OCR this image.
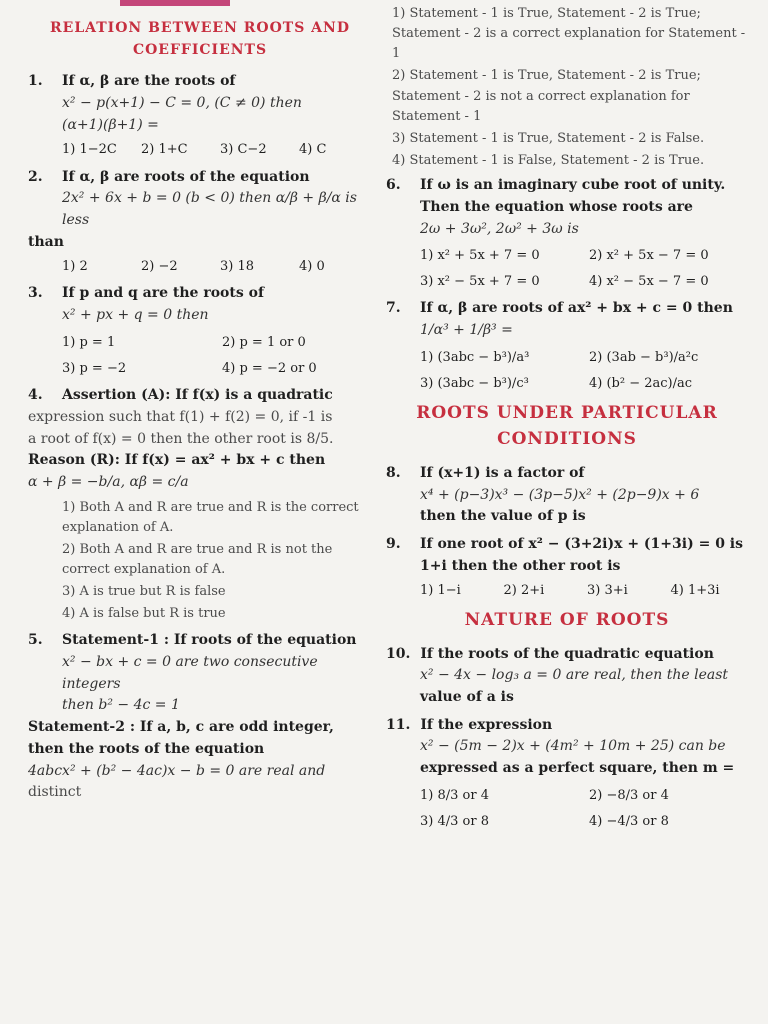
RELATION BETWEEN ROOTS AND COEFFICIENTS
1.	If α, β are the roots of
x² − p(x+1) − C = 0, (C ≠ 0) then
(α+1)(β+1) =
1) 1−2C	2) 1+C	3) C−2	4) C
2.	If α, β are roots of the equation
2x² + 6x + b = 0 (b < 0) then α/β + β/α is less
than
1) 2	2) −2	3) 18	4) 0
3.	If p and q are the roots of
x² + px + q = 0 then
1) p = 1	2) p = 1 or 0
3) p = −2	4) p = −2 or 0
4.	Assertion (A): If f(x) is a quadratic
expression such that f(1) + f(2) = 0, if -1 is
a root of f(x) = 0 then the other root is 8/5.
Reason (R): If f(x) = ax² + bx + c then
α + β = −b/a, αβ = c/a
1) Both A and R are true and R is the correct explanation of A.
2) Both A and R are true and R is not the correct explanation of A.
3) A is true but R is false
4) A is false but R is true
5.	Statement-1 : If roots of the equation
x² − bx + c = 0 are two consecutive integers
then b² − 4c = 1
Statement-2 : If a, b, c are odd integer, then the roots of the equation
4abcx² + (b² − 4ac)x − b = 0 are real and
distinct
1) Statement - 1 is True, Statement - 2 is True; Statement - 2 is a correct explanation for Statement - 1
2) Statement - 1 is True, Statement - 2 is True; Statement - 2 is not a correct explanation for Statement - 1
3) Statement - 1 is True, Statement - 2 is False.
4) Statement - 1 is False, Statement - 2 is True.
6.	If ω is an imaginary cube root of unity. Then the equation whose roots are
2ω + 3ω², 2ω² + 3ω is
1) x² + 5x + 7 = 0	2) x² + 5x − 7 = 0
3) x² − 5x + 7 = 0	4) x² − 5x − 7 = 0
7.	If α, β are roots of ax² + bx + c = 0 then
1/α³ + 1/β³ =
1) (3abc − b³)/a³	2) (3ab − b³)/a²c
3) (3abc − b³)/c³	4) (b² − 2ac)/ac
ROOTS UNDER PARTICULAR CONDITIONS
8.	If (x+1) is a factor of
x⁴ + (p−3)x³ − (3p−5)x² + (2p−9)x + 6
then the value of p is
9.	If one root of x² − (3+2i)x + (1+3i) = 0 is
1+i then the other root is
1) 1−i	2) 2+i	3) 3+i	4) 1+3i
NATURE OF ROOTS
10. If the roots of the quadratic equation
x² − 4x − log₃ a = 0 are real, then the least
value of a is
11. If the expression
x² − (5m − 2)x + (4m² + 10m + 25) can be
expressed as a perfect square, then m =
1) 8/3 or 4	2) −8/3 or 4
3) 4/3 or 8	4) −4/3 or 8
